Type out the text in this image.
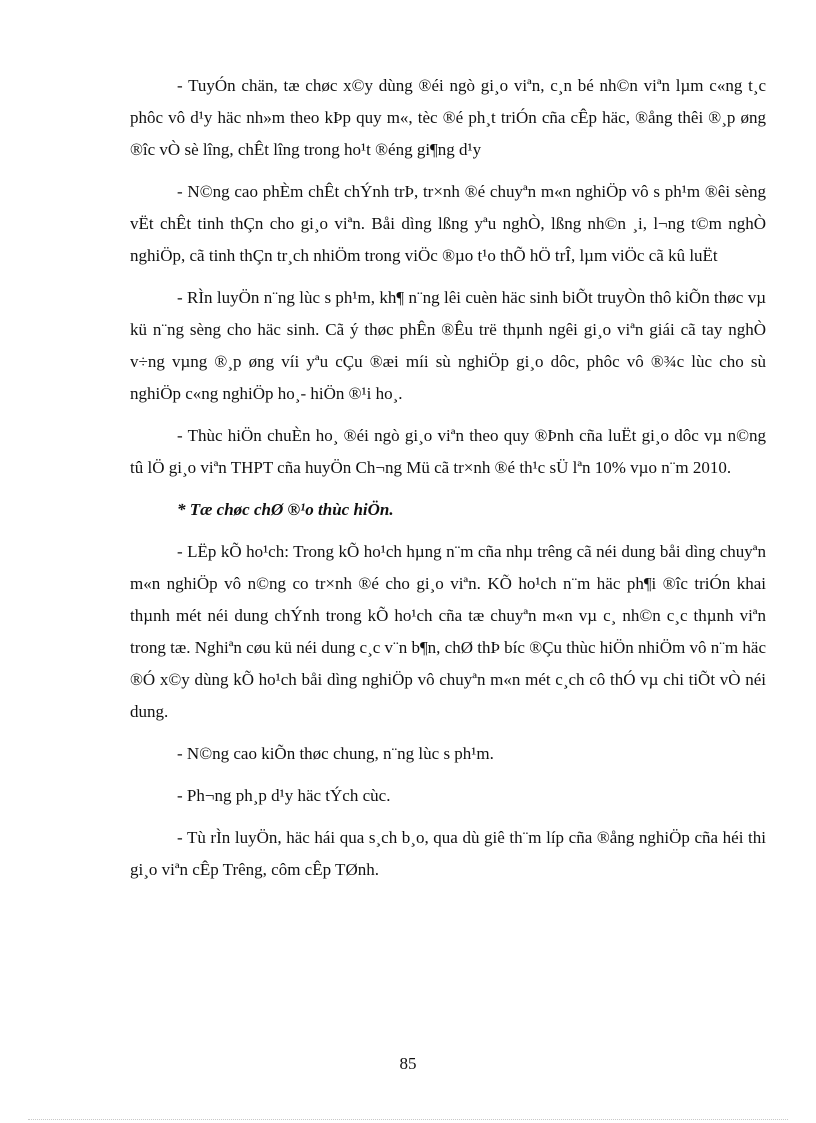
- TuyÓn chän, tæ chøc x©y dùng ®éi ngò gi¸o viªn, c¸n bé nh©n viªn lµm c«ng t¸c phôc vô d¹y häc nh»m theo kÞp quy m«, tèc ®é ph¸t triÓn cña cÊp häc, ®ång thêi ®¸p øng ®îc vÒ sè lîng, chÊt lîng trong ho¹t ®éng gi¶ng d¹y

- N©ng cao phÈm chÊt chÝnh trÞ, tr×nh ®é chuyªn m«n nghiÖp vô s ph¹m ®êi sèng vËt chÊt tinh thÇn cho gi¸o viªn. Båi dìng lßng yªu nghÒ, lßng nh©n ¸i, l¬ng t©m nghÒ nghiÖp, cã tinh thÇn tr¸ch nhiÖm trong viÖc ®µo t¹o thÕ hÖ trÎ, lµm viÖc cã kû luËt

- RÌn luyÖn n¨ng lùc s ph¹m, kh¶ n¨ng lêi cuèn häc sinh biÕt truyÒn thô kiÕn thøc vµ kü n¨ng sèng cho häc sinh. Cã ý thøc phÊn ®Êu trë thµnh ngêi gi¸o viªn giái cã tay nghÒ v÷ng vµng ®¸p øng víi yªu cÇu ®æi míi sù nghiÖp gi¸o dôc, phôc vô ®¾c lùc cho sù nghiÖp c«ng nghiÖp ho¸- hiÖn ®¹i ho¸.

- Thùc hiÖn chuÈn ho¸ ®éi ngò gi¸o viªn theo quy ®Þnh cña luËt gi¸o dôc vµ n©ng tû lÖ gi¸o viªn THPT cña huyÖn Ch¬ng Mü cã tr×nh ®é th¹c sÜ lªn 10% vµo n¨m 2010.

* Tæ chøc chØ ®¹o thùc hiÖn.

- LËp kÕ ho¹ch: Trong kÕ ho¹ch hµng n¨m cña nhµ trêng cã néi dung båi dìng chuyªn m«n nghiÖp vô n©ng co tr×nh ®é cho gi¸o viªn. KÕ ho¹ch n¨m häc ph¶i ®îc triÓn khai thµnh mét néi dung chÝnh trong kÕ ho¹ch cña tæ chuyªn m«n vµ c¸ nh©n c¸c thµnh viªn trong tæ. Nghiªn cøu kü néi dung c¸c v¨n b¶n, chØ thÞ bíc ®Çu thùc hiÖn nhiÖm vô n¨m häc ®Ó x©y dùng kÕ ho¹ch båi dìng nghiÖp vô chuyªn m«n mét c¸ch cô thÓ vµ chi tiÕt vÒ néi dung.

- N©ng cao kiÕn thøc chung, n¨ng lùc s ph¹m.

- Ph¬ng ph¸p d¹y häc tÝch cùc.

- Tù rÌn luyÖn, häc hái qua s¸ch b¸o, qua dù giê th¨m líp cña ®ång nghiÖp cña héi thi gi¸o viªn cÊp Trêng, côm cÊp TØnh.

85
